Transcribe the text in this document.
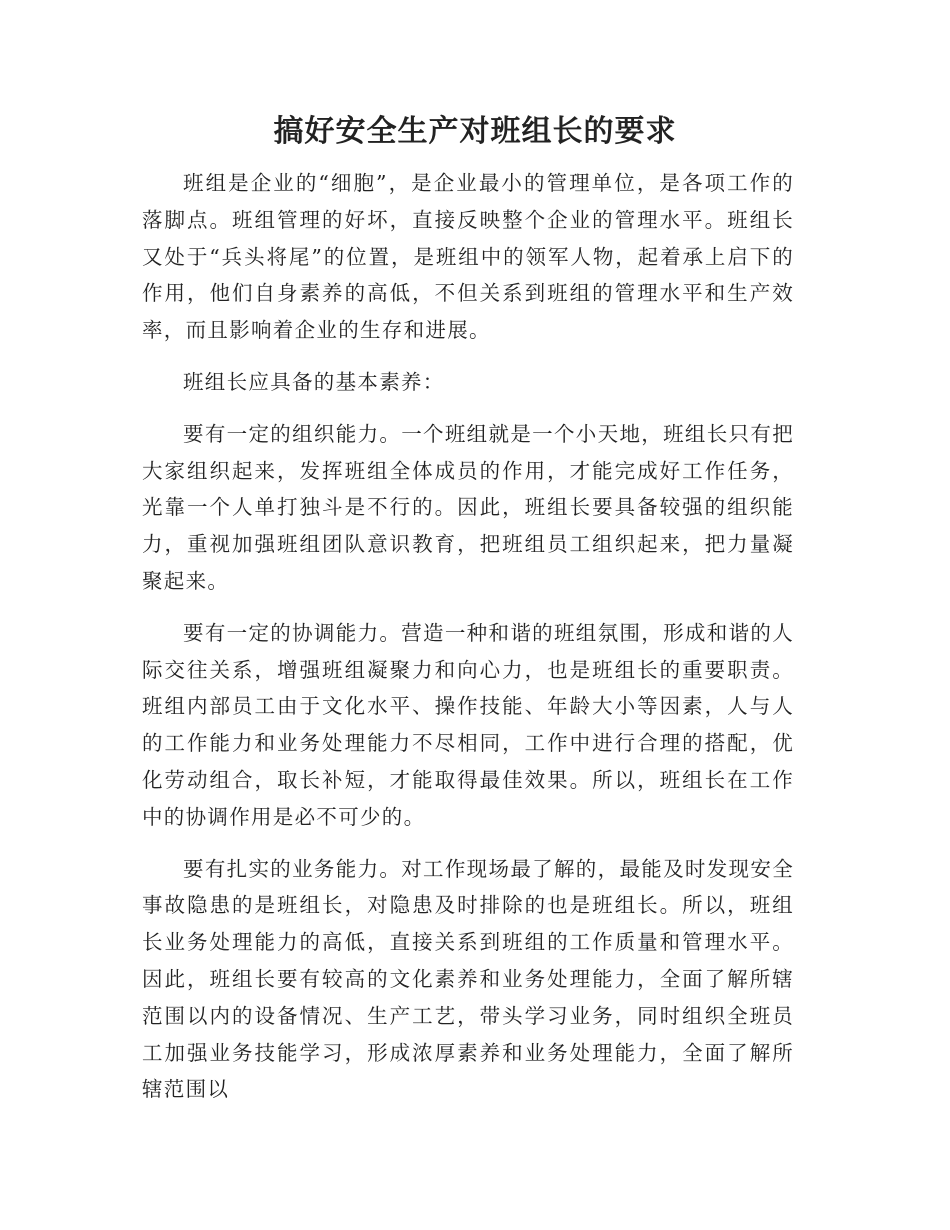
搞好安全生产对班组长的要求

班组是企业的“细胞”，是企业最小的管理单位，是各项工作的落脚点。班组管理的好坏，直接反映整个企业的管理水平。班组长又处于“兵头将尾”的位置，是班组中的领军人物，起着承上启下的作用，他们自身素养的高低，不但关系到班组的管理水平和生产效率，而且影响着企业的生存和进展。

班组长应具备的基本素养：

要有一定的组织能力。一个班组就是一个小天地，班组长只有把大家组织起来，发挥班组全体成员的作用，才能完成好工作任务，光靠一个人单打独斗是不行的。因此，班组长要具备较强的组织能力，重视加强班组团队意识教育，把班组员工组织起来，把力量凝聚起来。

要有一定的协调能力。营造一种和谐的班组氛围，形成和谐的人际交往关系，增强班组凝聚力和向心力，也是班组长的重要职责。班组内部员工由于文化水平、操作技能、年龄大小等因素，人与人的工作能力和业务处理能力不尽相同，工作中进行合理的搭配，优化劳动组合，取长补短，才能取得最佳效果。所以，班组长在工作中的协调作用是必不可少的。

要有扎实的业务能力。对工作现场最了解的，最能及时发现安全事故隐患的是班组长，对隐患及时排除的也是班组长。所以，班组长业务处理能力的高低，直接关系到班组的工作质量和管理水平。因此，班组长要有较高的文化素养和业务处理能力，全面了解所辖范围以内的设备情况、生产工艺，带头学习业务，同时组织全班员工加强业务技能学习，形成浓厚素养和业务处理能力，全面了解所辖范围以
